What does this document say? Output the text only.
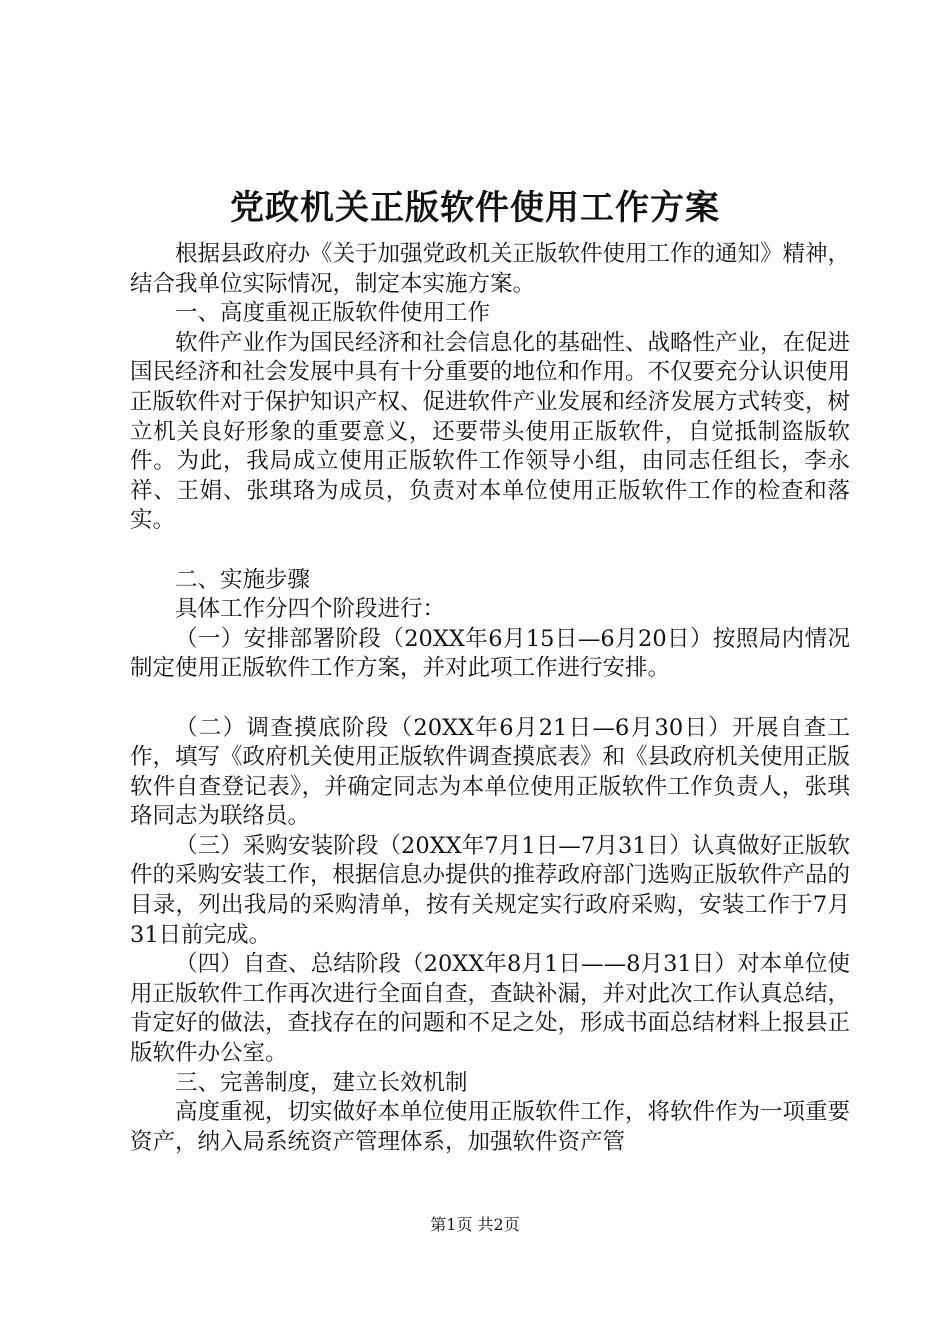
党政机关正版软件使用工作方案

根据县政府办《关于加强党政机关正版软件使用工作的通知》精神，结合我单位实际情况，制定本实施方案。

一、高度重视正版软件使用工作

软件产业作为国民经济和社会信息化的基础性、战略性产业，在促进国民经济和社会发展中具有十分重要的地位和作用。不仅要充分认识使用正版软件对于保护知识产权、促进软件产业发展和经济发展方式转变，树立机关良好形象的重要意义，还要带头使用正版软件，自觉抵制盗版软件。为此，我局成立使用正版软件工作领导小组，由同志任组长，李永祥、王娟、张琪珞为成员，负责对本单位使用正版软件工作的检查和落实。

二、实施步骤

具体工作分四个阶段进行：

（一）安排部署阶段（20XX年6月15日—6月20日）按照局内情况制定使用正版软件工作方案，并对此项工作进行安排。

（二）调查摸底阶段（20XX年6月21日—6月30日）开展自查工作，填写《政府机关使用正版软件调查摸底表》和《县政府机关使用正版软件自查登记表》，并确定同志为本单位使用正版软件工作负责人，张琪珞同志为联络员。

（三）采购安装阶段（20XX年7月1日—7月31日）认真做好正版软件的采购安装工作，根据信息办提供的推荐政府部门选购正版软件产品的目录，列出我局的采购清单，按有关规定实行政府采购，安装工作于7月31日前完成。

（四）自查、总结阶段（20XX年8月1日——8月31日）对本单位使用正版软件工作再次进行全面自查，查缺补漏，并对此次工作认真总结，肯定好的做法，查找存在的问题和不足之处，形成书面总结材料上报县正版软件办公室。

三、完善制度，建立长效机制

高度重视，切实做好本单位使用正版软件工作，将软件作为一项重要资产，纳入局系统资产管理体系，加强软件资产管

第1页 共2页
